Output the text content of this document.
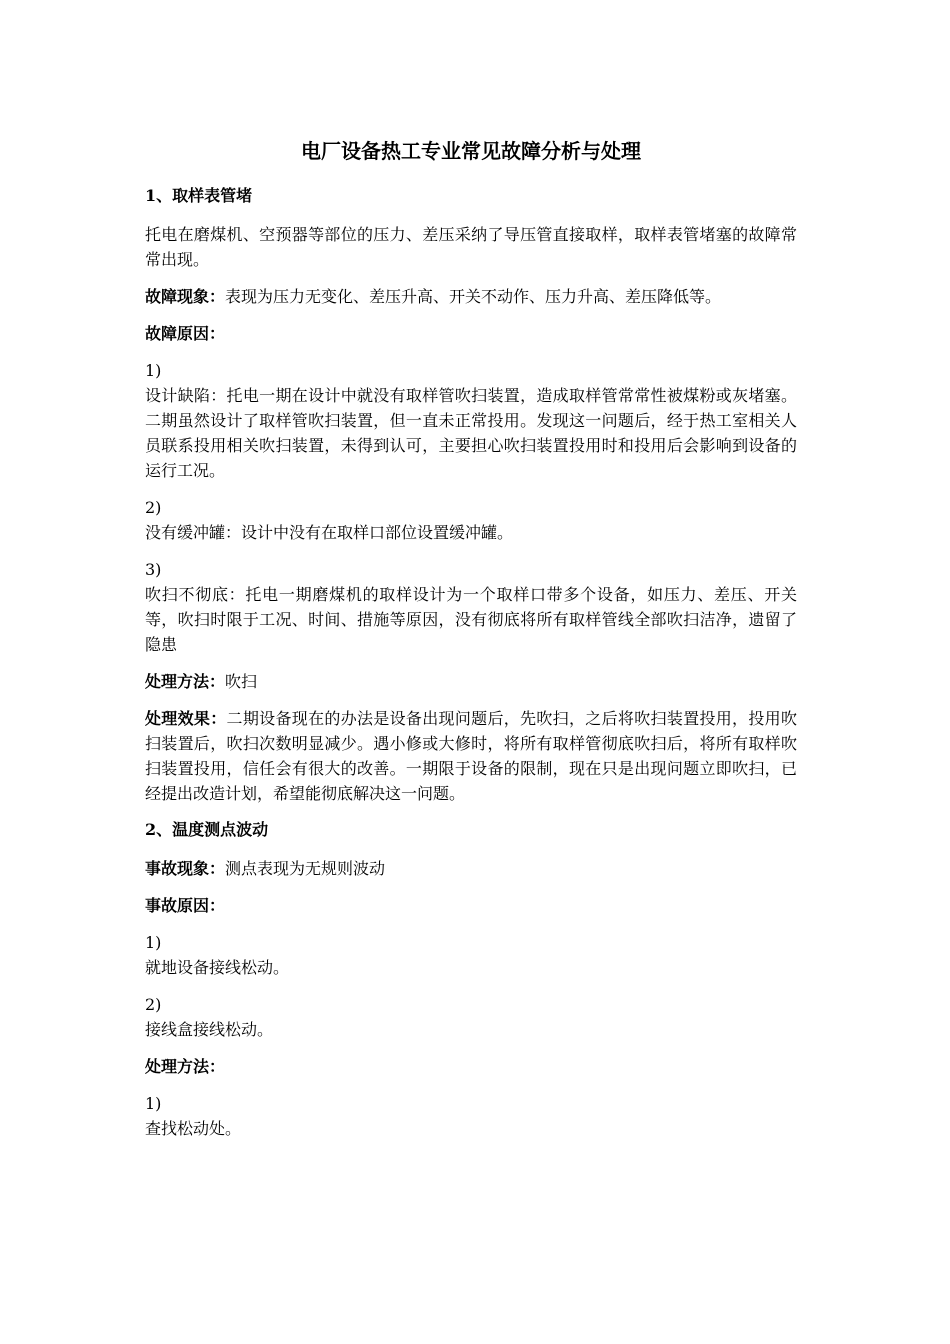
电厂设备热工专业常见故障分析与处理
1、取样表管堵
托电在磨煤机、空预器等部位的压力、差压采纳了导压管直接取样，取样表管堵塞的故障常常出现。
故障现象：表现为压力无变化、差压升高、开关不动作、压力升高、差压降低等。
故障原因：
1)
设计缺陷：托电一期在设计中就没有取样管吹扫装置，造成取样管常常性被煤粉或灰堵塞。二期虽然设计了取样管吹扫装置，但一直未正常投用。发现这一问题后，经于热工室相关人员联系投用相关吹扫装置，未得到认可，主要担心吹扫装置投用时和投用后会影响到设备的运行工况。
2)
没有缓冲罐：设计中没有在取样口部位设置缓冲罐。
3)
吹扫不彻底：托电一期磨煤机的取样设计为一个取样口带多个设备，如压力、差压、开关等，吹扫时限于工况、时间、措施等原因，没有彻底将所有取样管线全部吹扫洁净，遗留了隐患
处理方法：吹扫
处理效果：二期设备现在的办法是设备出现问题后，先吹扫，之后将吹扫装置投用，投用吹扫装置后，吹扫次数明显减少。遇小修或大修时，将所有取样管彻底吹扫后，将所有取样吹扫装置投用，信任会有很大的改善。一期限于设备的限制，现在只是出现问题立即吹扫，已经提出改造计划，希望能彻底解决这一问题。
2、温度测点波动
事故现象：测点表现为无规则波动
事故原因：
1)
就地设备接线松动。
2)
接线盒接线松动。
处理方法：
1)
查找松动处。
